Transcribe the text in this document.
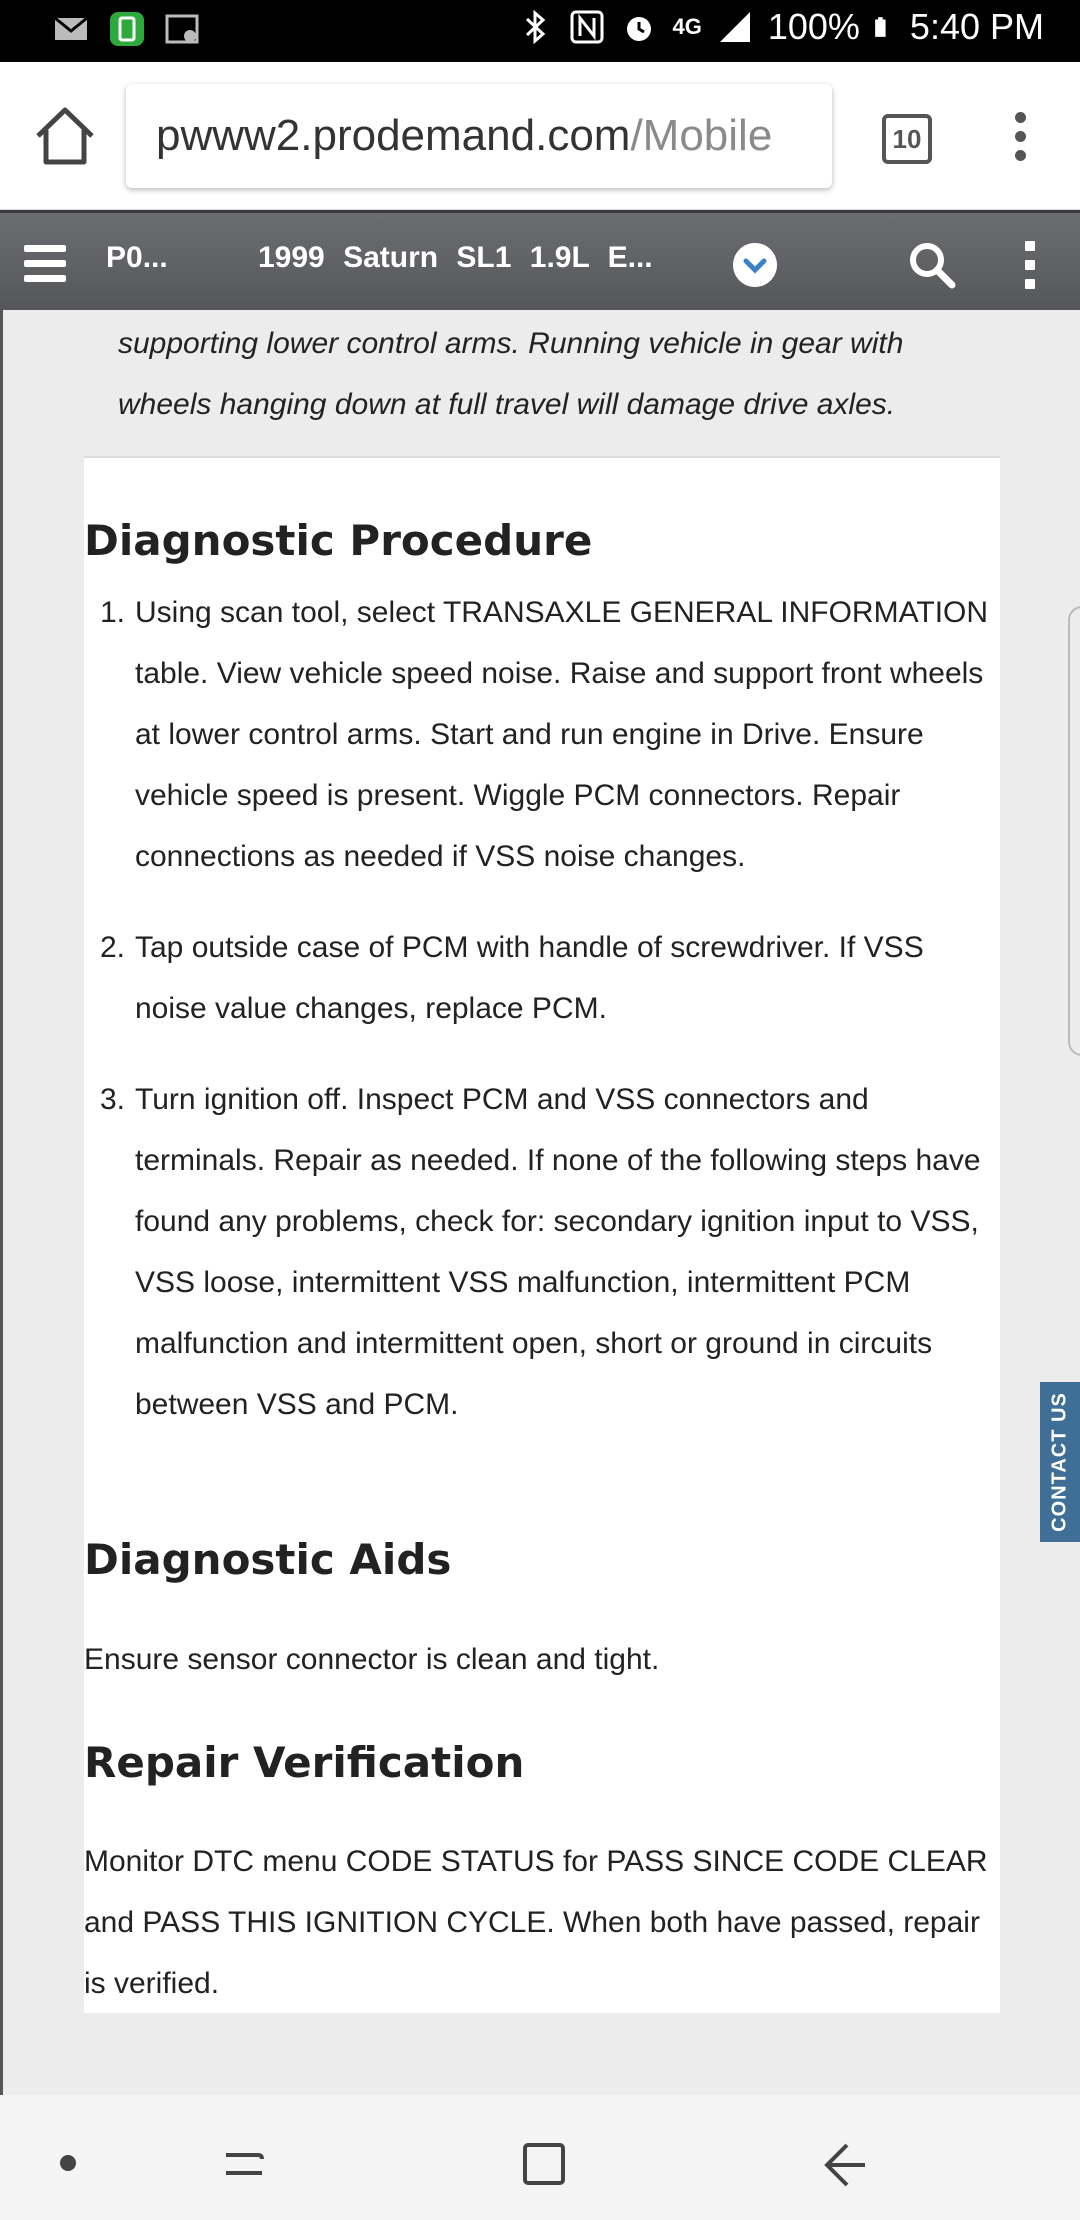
4G 100% 5:40 PM
pwww2.prodemand.com/Mobile	10
P0...	1999 Saturn SL1 1.9L E...

supporting lower control arms. Running vehicle in gear with wheels hanging down at full travel will damage drive axles.

Diagnostic Procedure
1. Using scan tool, select TRANSAXLE GENERAL INFORMATION table. View vehicle speed noise. Raise and support front wheels at lower control arms. Start and run engine in Drive. Ensure vehicle speed is present. Wiggle PCM connectors. Repair connections as needed if VSS noise changes.
2. Tap outside case of PCM with handle of screwdriver. If VSS noise value changes, replace PCM.
3. Turn ignition off. Inspect PCM and VSS connectors and terminals. Repair as needed. If none of the following steps have found any problems, check for: secondary ignition input to VSS, VSS loose, intermittent VSS malfunction, intermittent PCM malfunction and intermittent open, short or ground in circuits between VSS and PCM.
Diagnostic Aids

Ensure sensor connector is clean and tight.

Repair Verification

Monitor DTC menu CODE STATUS for PASS SINCE CODE CLEAR and PASS THIS IGNITION CYCLE. When both have passed, repair is verified.

CONTACT US
